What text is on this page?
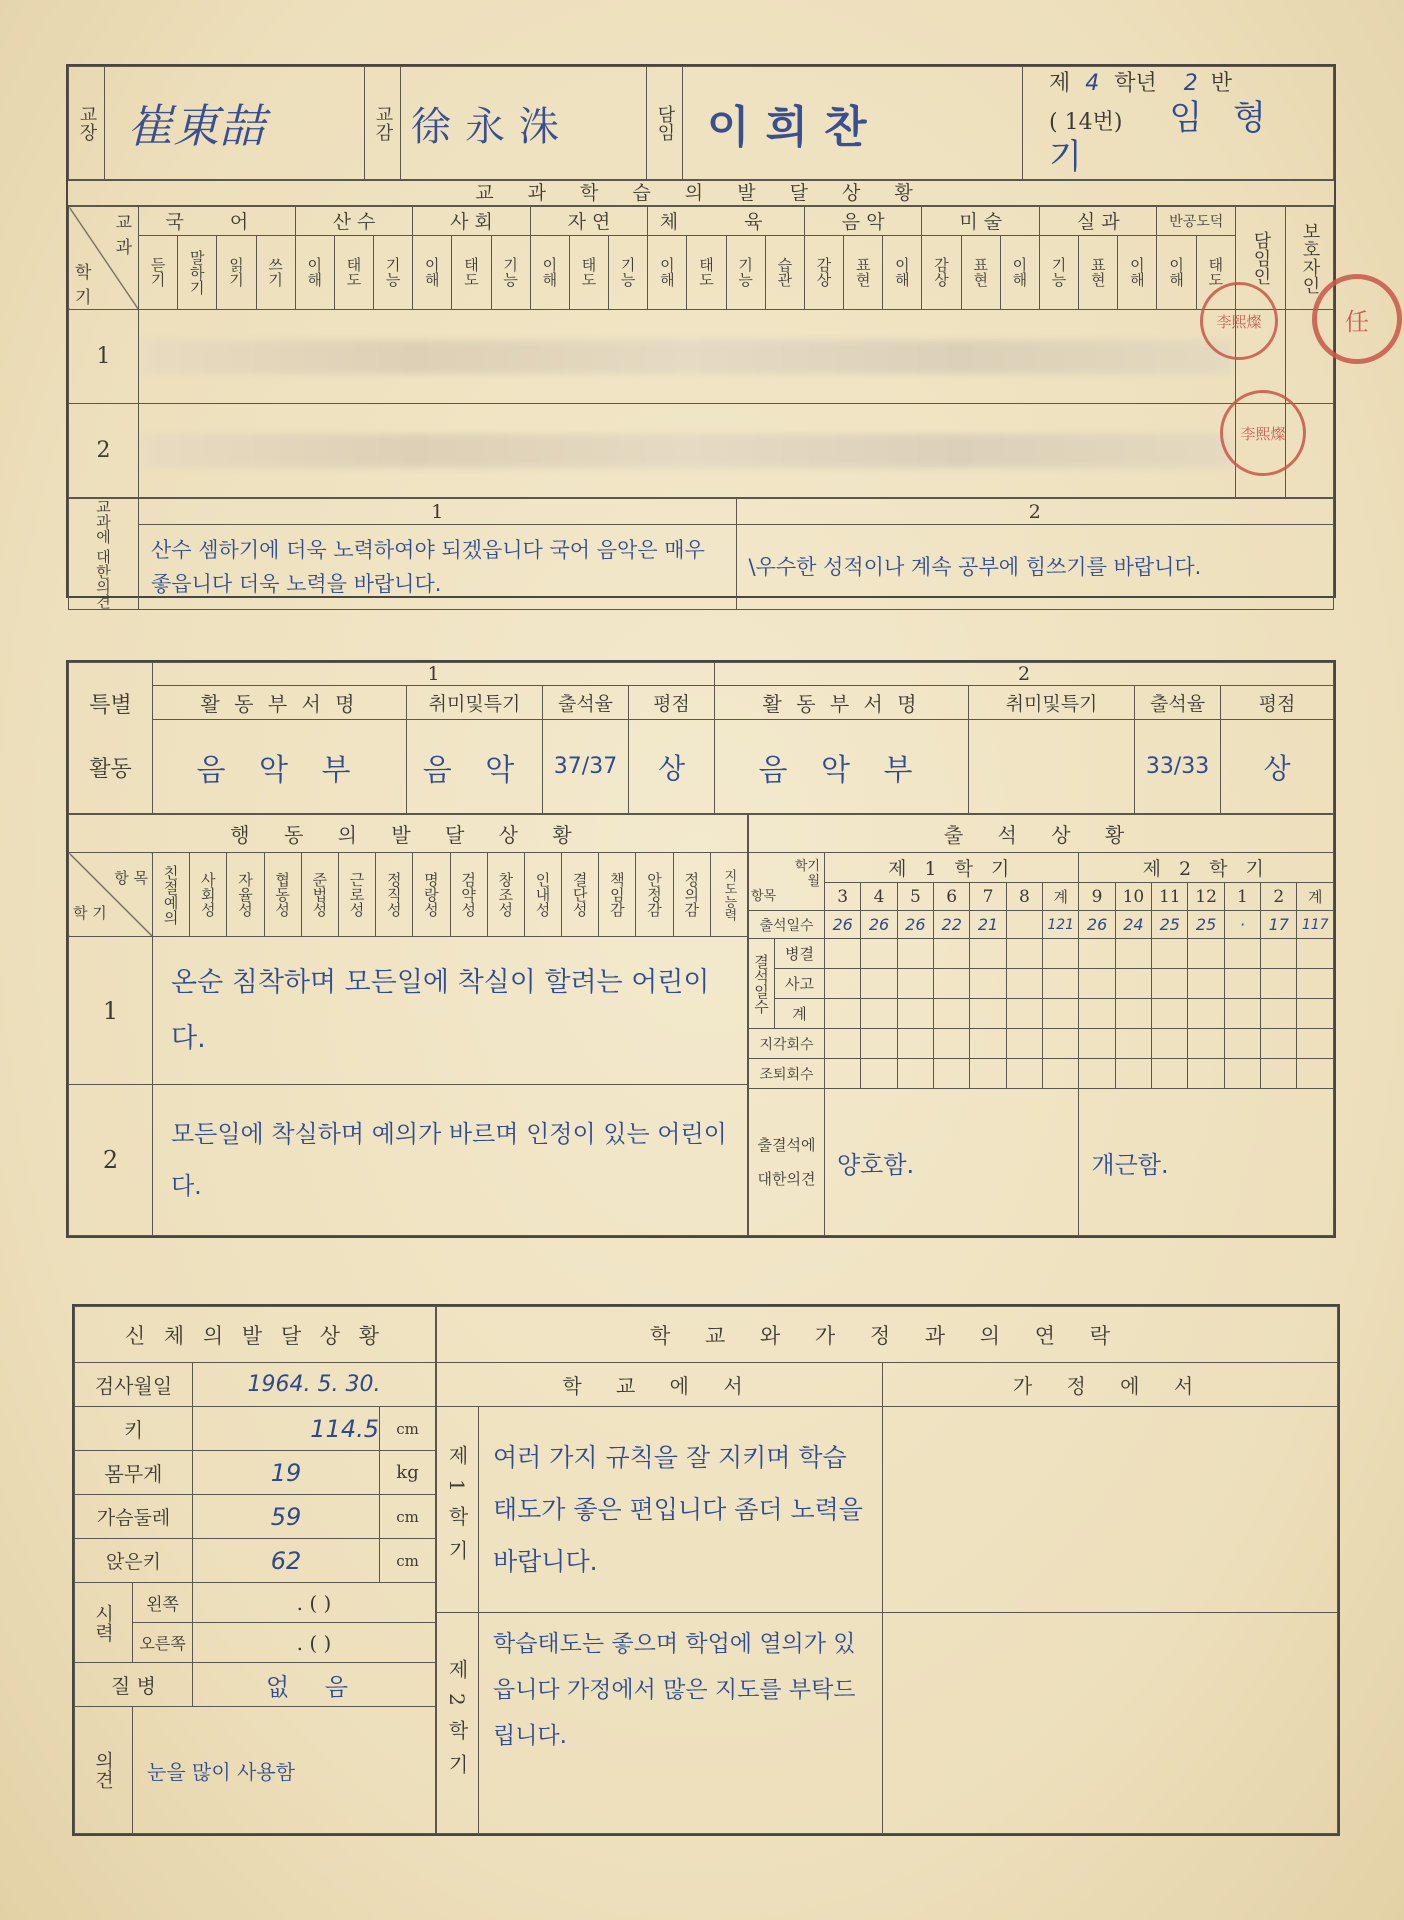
교장	崔東喆	교감	徐永洙	담임	이희찬	제 4 학년 2 반
( 14번) 임 형 기
교 과 학 습 의 발 달 상 황
교
과
학
기	국 어				산 수			사 회			자 연			체 육				음 악			미 술			실 과			반공도덕		담임인	보호자인
	듣기	말하기	읽기	쓰기	이해	태도	기능	이해	태도	기능	이해	태도	기능	이해	태도	기능	습관	감상	표현	이해	감상	표현	이해	기능	표현	이해	이해	태도		
1																												

2																												

교과에 대한의견	1	2
	산수 셈하기에 더욱 노력하여야 되겠읍니다 국어 음악은 매우 좋읍니다 더욱 노력을 바랍니다.	\우수한 성적이나 계속 공부에 힘쓰기를 바랍니다.
李熙燦
李熙燦
任
특별
활동	1				2			
	활 동 부 서 명	취미및특기	출석율	평점	활 동 부 서 명	취미및특기	출석율	평점
	음 악 부	음 악	37/37	상	음 악 부		33/33	상
행 동 의 발 달 상 황																

항 목
학 기	친절예의	사회성	자율성	협동성	준법성	근로성	정직성	명랑성	검약성	창조성	인내성	결단성	책임감	안정감	정의감	지도능력
1	온순 침착하며 모든일에 착실이 할려는 어린이다.															
2	모든일에 착실하며 예의가 바르며 인정이 있는 어린이다.															
출 석 상 황															

학기
월
항목		제 1 학 기							제 2 학 기						
		3	4	5	6	7	8	계	9	10	11	12	1	2	계
출석일수		26	26	26	22	21		121	26	24	25	25	·	17	117
결석일수	병결														
	사고														
	계														
지각회수															
조퇴회수															
출결석에 대한의견		양호함.							개근함.						
신 체 의 발 달 상 황			
검사월일		1964. 5. 30.	
키		114.5	cm
몸무게		19	kg
가슴둘레		59	cm
앉은키		62	cm
시력	왼쪽	. ( )	
	오른쪽	. ( )	
질 병		없 음	
의견	눈을 많이 사용함		
학 교 와 가 정 과 의 연 락		
학 교 에 서		가 정 에 서
제1학기	여러 가지 규칙을 잘 지키며 학습 태도가 좋은 편입니다 좀더 노력을 바랍니다.	
제2학기	학습태도는 좋으며 학업에 열의가 있읍니다 가정에서 많은 지도를 부탁드립니다.	
